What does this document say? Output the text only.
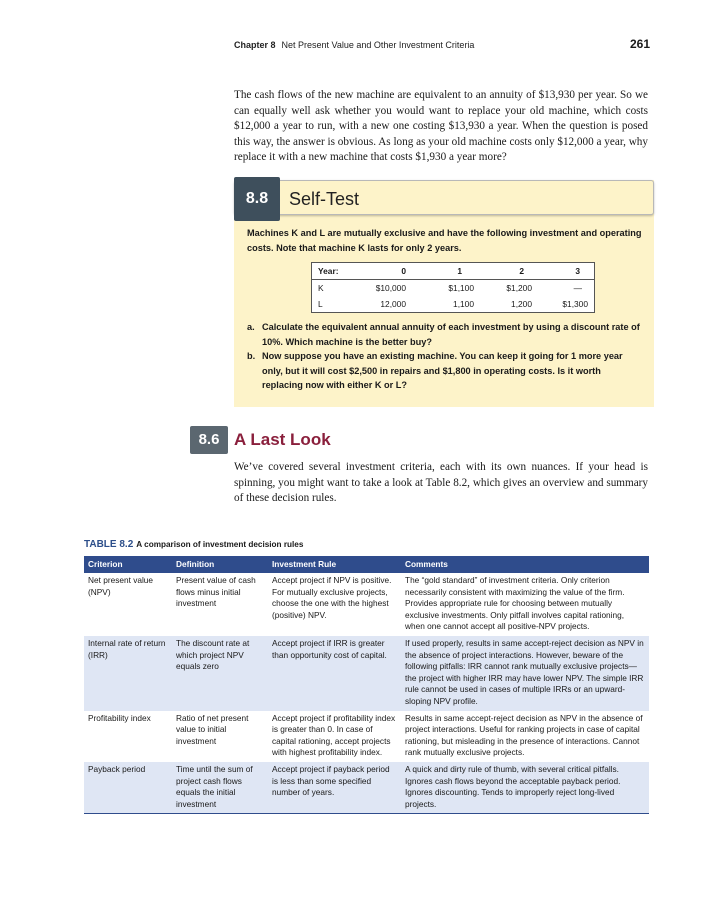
Chapter 8 Net Present Value and Other Investment Criteria	261
The cash flows of the new machine are equivalent to an annuity of $13,930 per year. So we can equally well ask whether you would want to replace your old machine, which costs $12,000 a year to run, with a new one costing $13,930 a year. When the question is posed this way, the answer is obvious. As long as your old machine costs only $12,000 a year, why replace it with a new machine that costs $1,930 a year more?
8.8	Self-Test
Machines K and L are mutually exclusive and have the following investment and operating costs. Note that machine K lasts for only 2 years.
Year:	0	1	2	3
K	$10,000	$1,100	$1,200	—
L	12,000	1,100	1,200	$1,300
a. Calculate the equivalent annual annuity of each investment by using a discount rate of 10%. Which machine is the better buy?
b. Now suppose you have an existing machine. You can keep it going for 1 more year only, but it will cost $2,500 in repairs and $1,800 in operating costs. Is it worth replacing now with either K or L?
8.6 A Last Look
We’ve covered several investment criteria, each with its own nuances. If your head is spinning, you might want to take a look at Table 8.2, which gives an overview and summary of these decision rules.
TABLE 8.2 A comparison of investment decision rules
Criterion	Definition	Investment Rule	Comments
Net present value (NPV)	Present value of cash flows minus initial investment	Accept project if NPV is positive. For mutually exclusive projects, choose the one with the highest (positive) NPV.	The “gold standard” of investment criteria. Only criterion necessarily consistent with maximizing the value of the firm. Provides appropriate rule for choosing between mutually exclusive investments. Only pitfall involves capital rationing, when one cannot accept all positive-NPV projects.
Internal rate of return (IRR)	The discount rate at which project NPV equals zero	Accept project if IRR is greater than opportunity cost of capital.	If used properly, results in same accept-reject decision as NPV in the absence of project interactions. However, beware of the following pitfalls: IRR cannot rank mutually exclusive projects—the project with higher IRR may have lower NPV. The simple IRR rule cannot be used in cases of multiple IRRs or an upward-sloping NPV profile.
Profitability index	Ratio of net present value to initial investment	Accept project if profitability index is greater than 0. In case of capital rationing, accept projects with highest profitability index.	Results in same accept-reject decision as NPV in the absence of project interactions. Useful for ranking projects in case of capital rationing, but misleading in the presence of interactions. Cannot rank mutually exclusive projects.
Payback period	Time until the sum of project cash flows equals the initial investment	Accept project if payback period is less than some specified number of years.	A quick and dirty rule of thumb, with several critical pitfalls. Ignores cash flows beyond the acceptable payback period. Ignores discounting. Tends to improperly reject long-lived projects.
